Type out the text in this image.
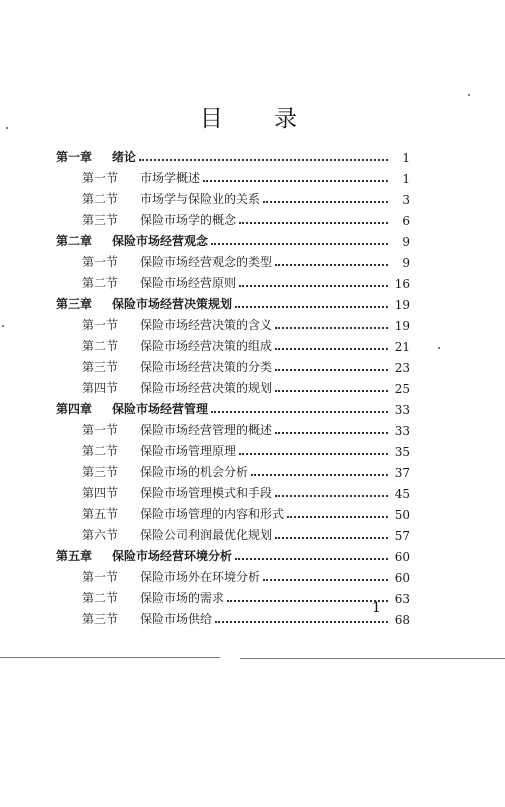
目 录
第一章	绪论	1
第一节	市场学概述	1
第二节	市场学与保险业的关系	3
第三节	保险市场学的概念	6
第二章	保险市场经营观念	9
第一节	保险市场经营观念的类型	9
第二节	保险市场经营原则	16
第三章	保险市场经营决策规划	19
第一节	保险市场经营决策的含义	19
第二节	保险市场经营决策的组成	21
第三节	保险市场经营决策的分类	23
第四节	保险市场经营决策的规划	25
第四章	保险市场经营管理	33
第一节	保险市场经营管理的概述	33
第二节	保险市场管理原理	35
第三节	保险市场的机会分析	37
第四节	保险市场管理模式和手段	45
第五节	保险市场管理的内容和形式	50
第六节	保险公司利润最优化规划	57
第五章	保险市场经营环境分析	60
第一节	保险市场外在环境分析	60
第二节	保险市场的需求	63
第三节	保险市场供给	68
1
